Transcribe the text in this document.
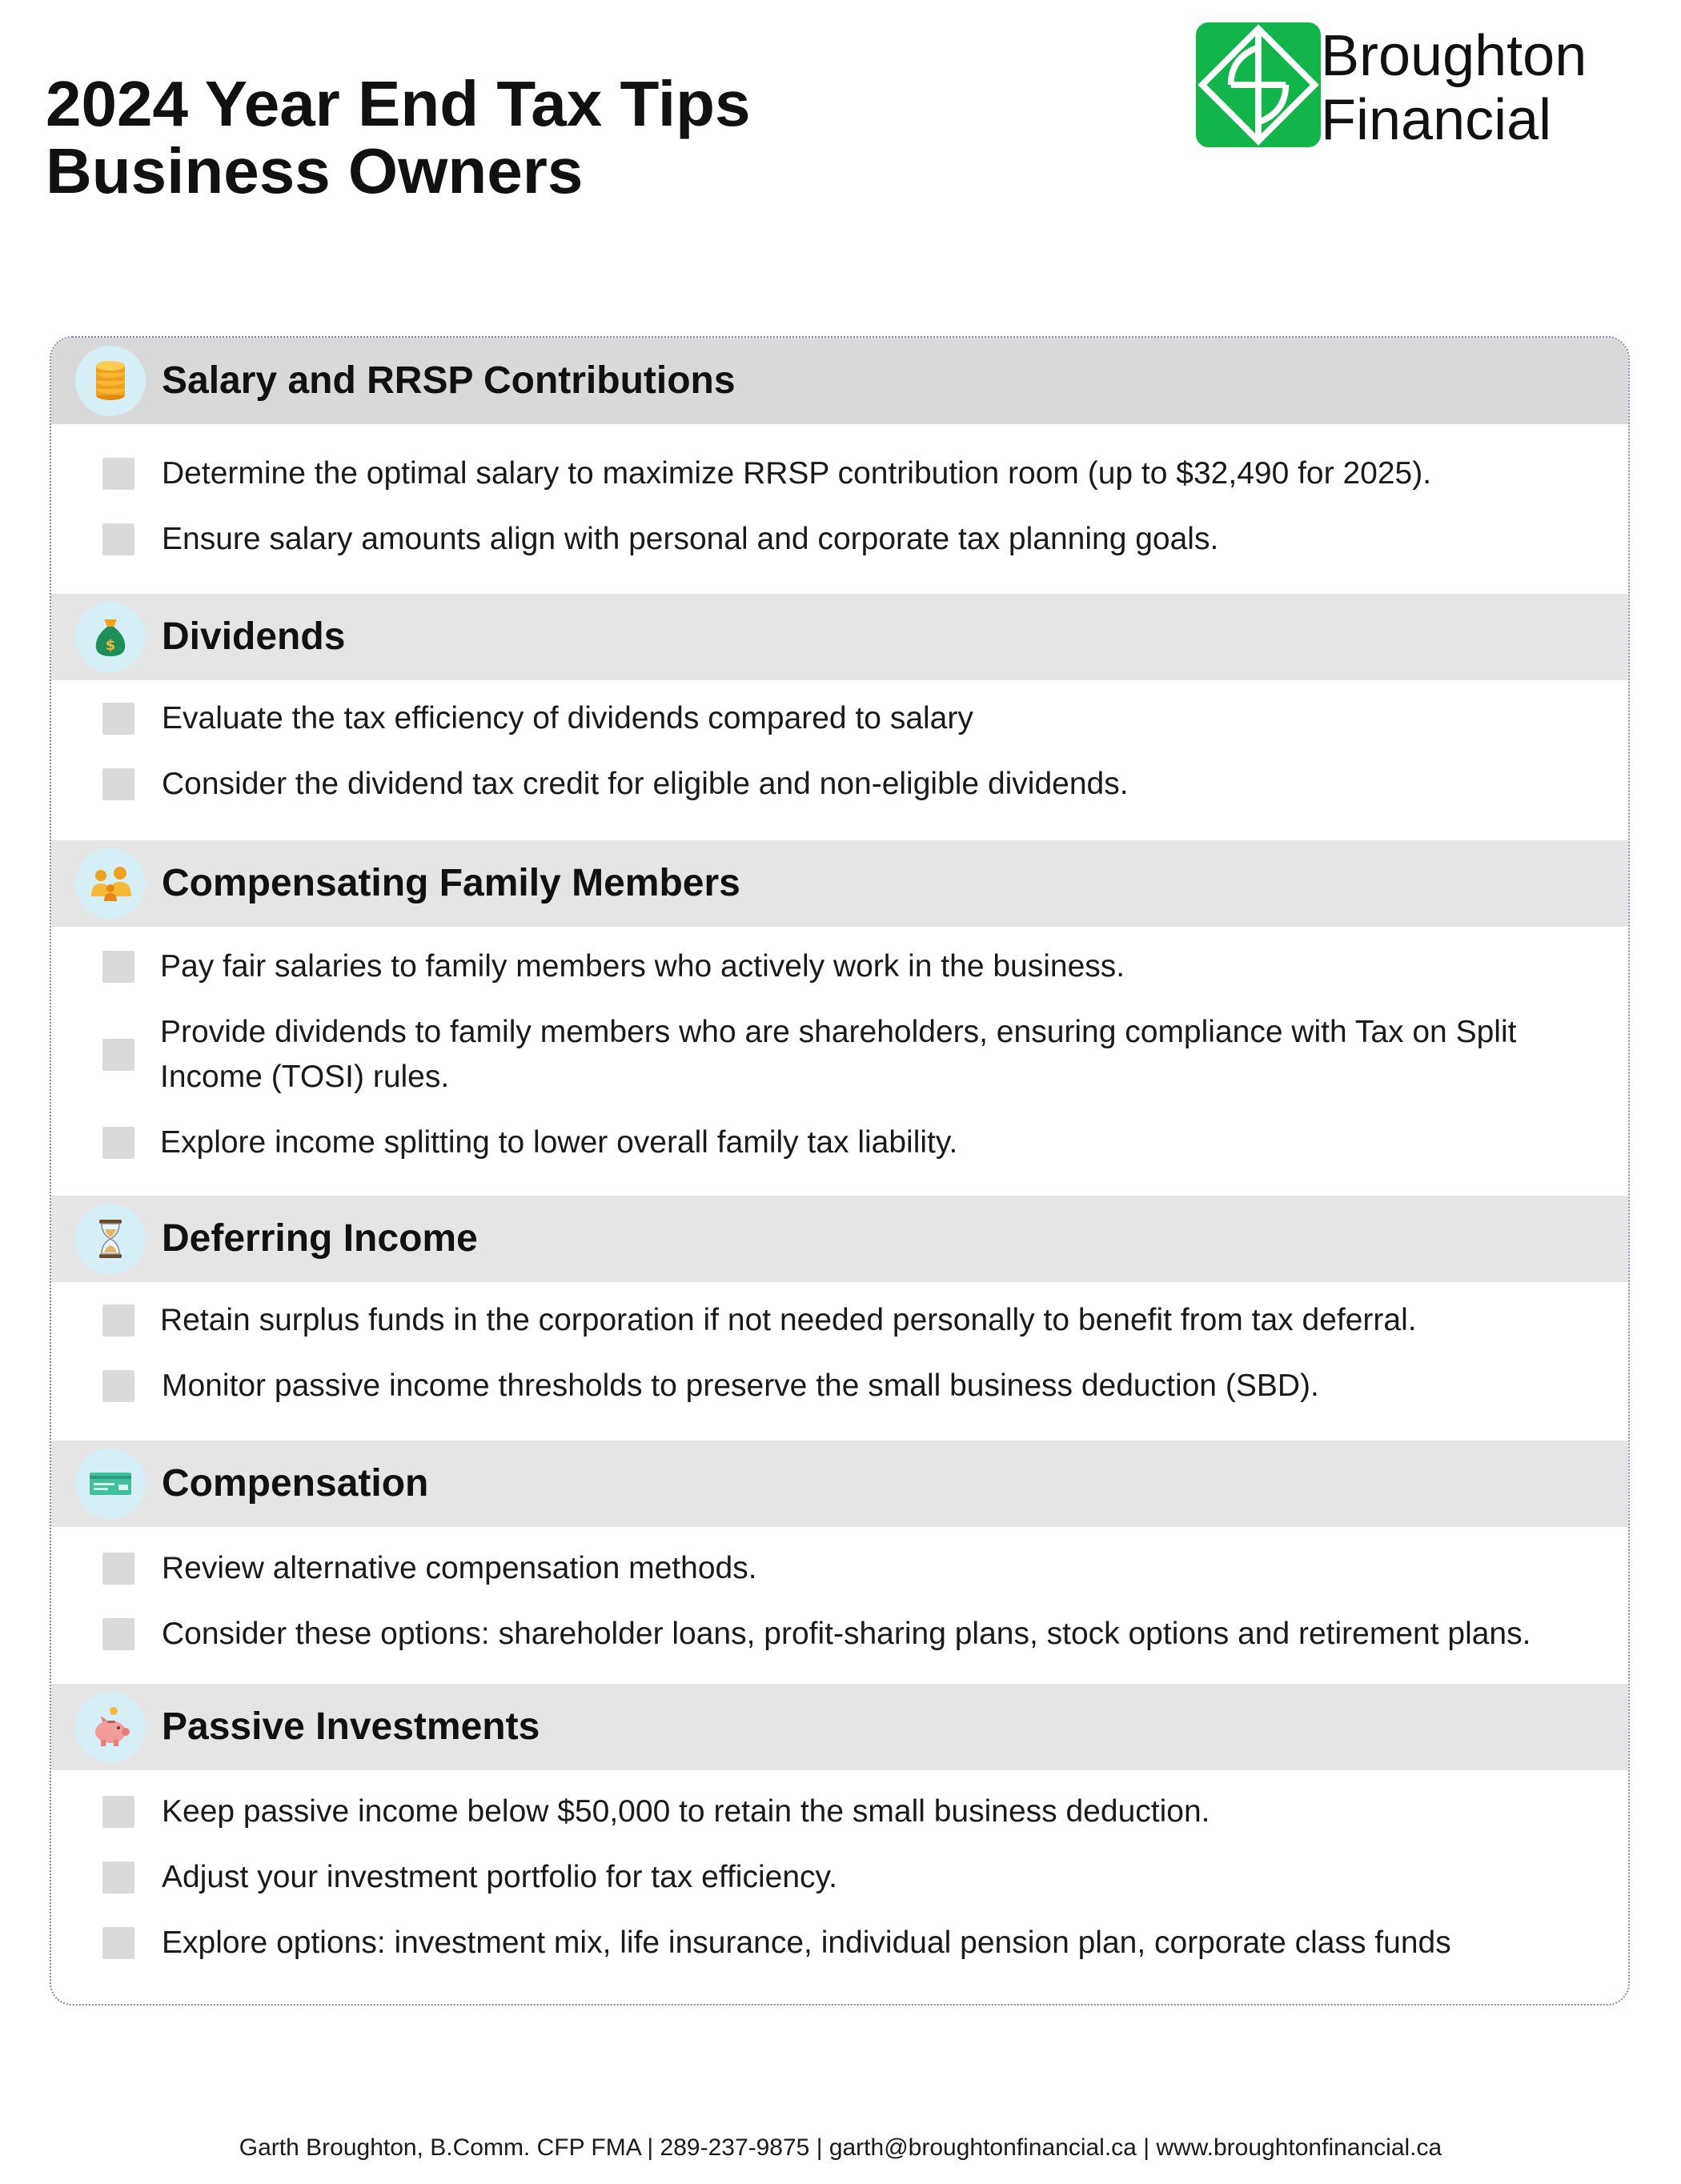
2024 Year End Tax Tips
Business Owners
Broughton
Financial
Salary and RRSP Contributions
Determine the optimal salary to maximize RRSP contribution room (up to $32,490 for 2025).
Ensure salary amounts align with personal and corporate tax planning goals.
$ Dividends
Evaluate the tax efficiency of dividends compared to salary
Consider the dividend tax credit for eligible and non-eligible dividends.
Compensating Family Members
Pay fair salaries to family members who actively work in the business.
Provide dividends to family members who are shareholders, ensuring compliance with Tax on Split Income (TOSI) rules.
Explore income splitting to lower overall family tax liability.
Deferring Income
Retain surplus funds in the corporation if not needed personally to benefit from tax deferral.
Monitor passive income thresholds to preserve the small business deduction (SBD).
Compensation
Review alternative compensation methods.
Consider these options: shareholder loans, profit-sharing plans, stock options and retirement plans.
Passive Investments
Keep passive income below $50,000 to retain the small business deduction.
Adjust your investment portfolio for tax efficiency.
Explore options: investment mix, life insurance, individual pension plan, corporate class funds
Garth Broughton, B.Comm. CFP FMA | 289-237-9875 | garth@broughtonfinancial.ca | www.broughtonfinancial.ca
